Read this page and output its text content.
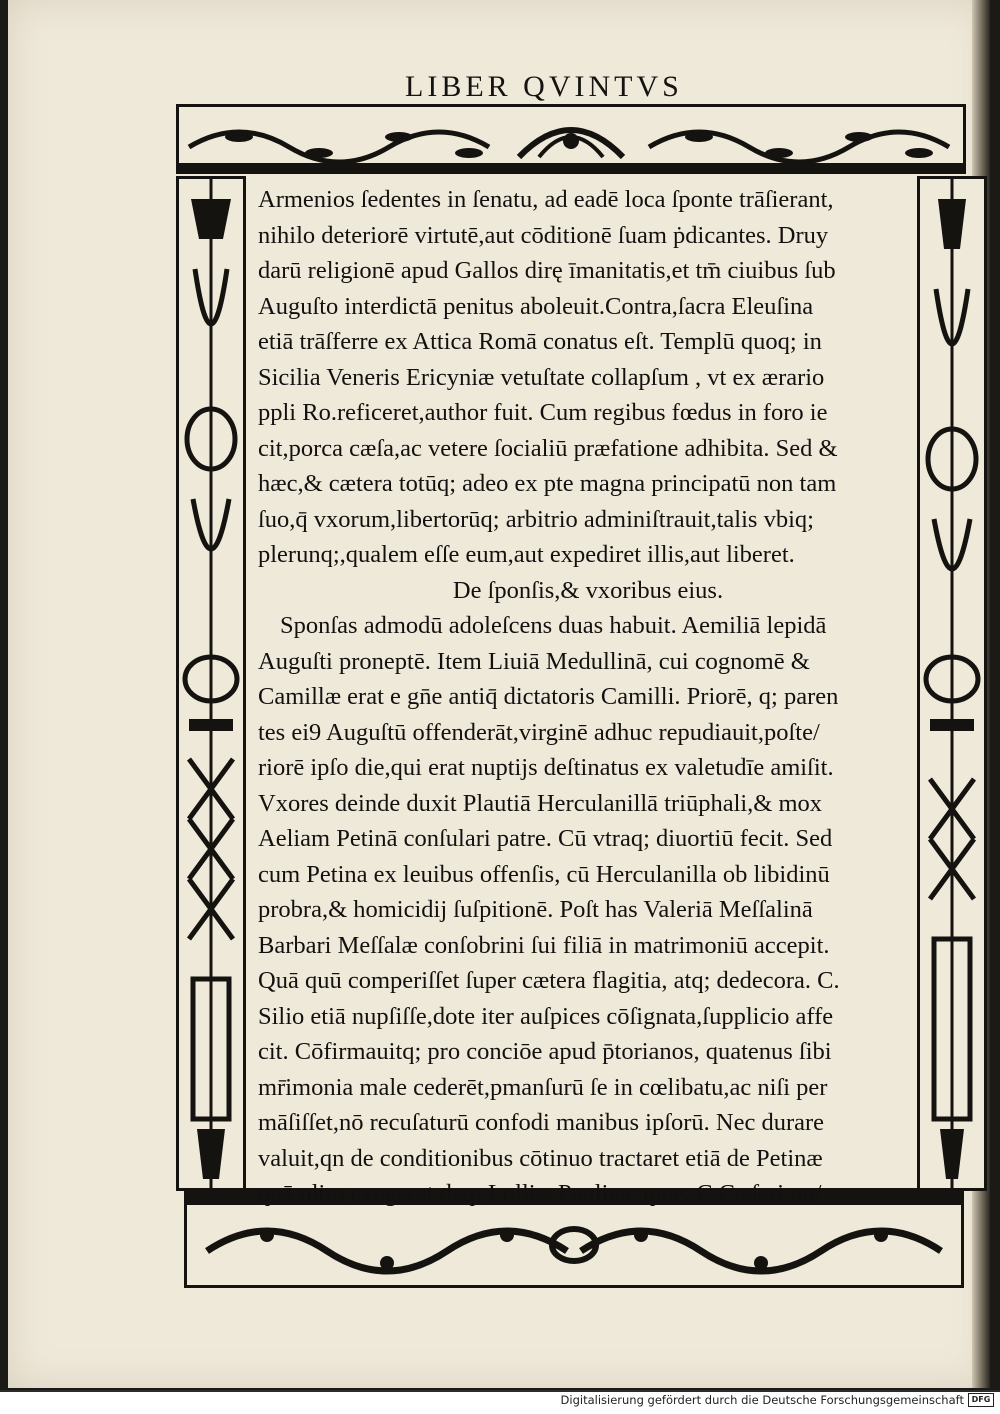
LIBER QVINTVS
Armenios ſedentes in ſenatu, ad eadē loca ſponte trāſierant,
nihilo deteriorē virtutē,aut cōditionē ſuam ṗdicantes. Druy
darū religionē apud Gallos dirę īmanitatis,et tm̄ ciuibus ſub
Auguſto interdictā penitus aboleuit.Contra,ſacra Eleuſina
etiā trāſferre ex Attica Romā conatus eſt. Templū quoq; in
Sicilia Veneris Ericyniæ vetuſtate collapſum , vt ex ærario
ppli Ro.reficeret,author fuit. Cum regibus fœdus in foro ie
cit,porca cæſa,ac vetere ſocialiū præfatione adhibita. Sed &
hæc,& cætera totūq; adeo ex pte magna principatū non tam
ſuo,q̄ vxorum,libertorūq; arbitrio adminiſtrauit,talis vbiq;
plerunq;,qualem eſſe eum,aut expediret illis,aut liberet.
De ſponſis,& vxoribus eius.
Sponſas admodū adoleſcens duas habuit. Aemiliā lepidā
Auguſti proneptē. Item Liuiā Medullinā, cui cognomē &
Camillæ erat e gn̄e antiq̄ dictatoris Camilli. Priorē, q; paren
tes ei9 Auguſtū offenderāt,virginē adhuc repudiauit,poſte/
riorē ipſo die,qui erat nuptijs deſtinatus ex valetudīe amiſit.
Vxores deinde duxit Plautiā Herculanillā triūphali,& mox
Aeliam Petinā conſulari patre. Cū vtraq; diuortiū fecit. Sed
cum Petina ex leuibus offenſis, cū Herculanilla ob libidinū
probra,& homicidij ſuſpitionē. Poſt has Valeriā Meſſalinā
Barbari Meſſalæ conſobrini ſui filiā in matrimoniū accepit.
Quā quū comperiſſet ſuper cætera flagitia, atq; dedecora. C.
Silio etiā nupſiſſe,dote iter auſpices cōſignata,ſupplicio affe
cit. Cōfirmauitq; pro conciōe apud p̄torianos, quatenus ſibi
mr̄imonia male cederēt,pmanſurū ſe in cœlibatu,ac niſi per
māſiſſet,nō recuſaturū confodi manibus ipſorū. Nec durare
valuit,qn de conditionibus cōtinuo tractaret etiā de Petinæ
quā olim exegerat,deq; Lolliæ Paulinæ,quæ. C.Cæſari nu/
Digitalisierung gefördert durch die Deutsche Forschungsgemeinschaft DFG
